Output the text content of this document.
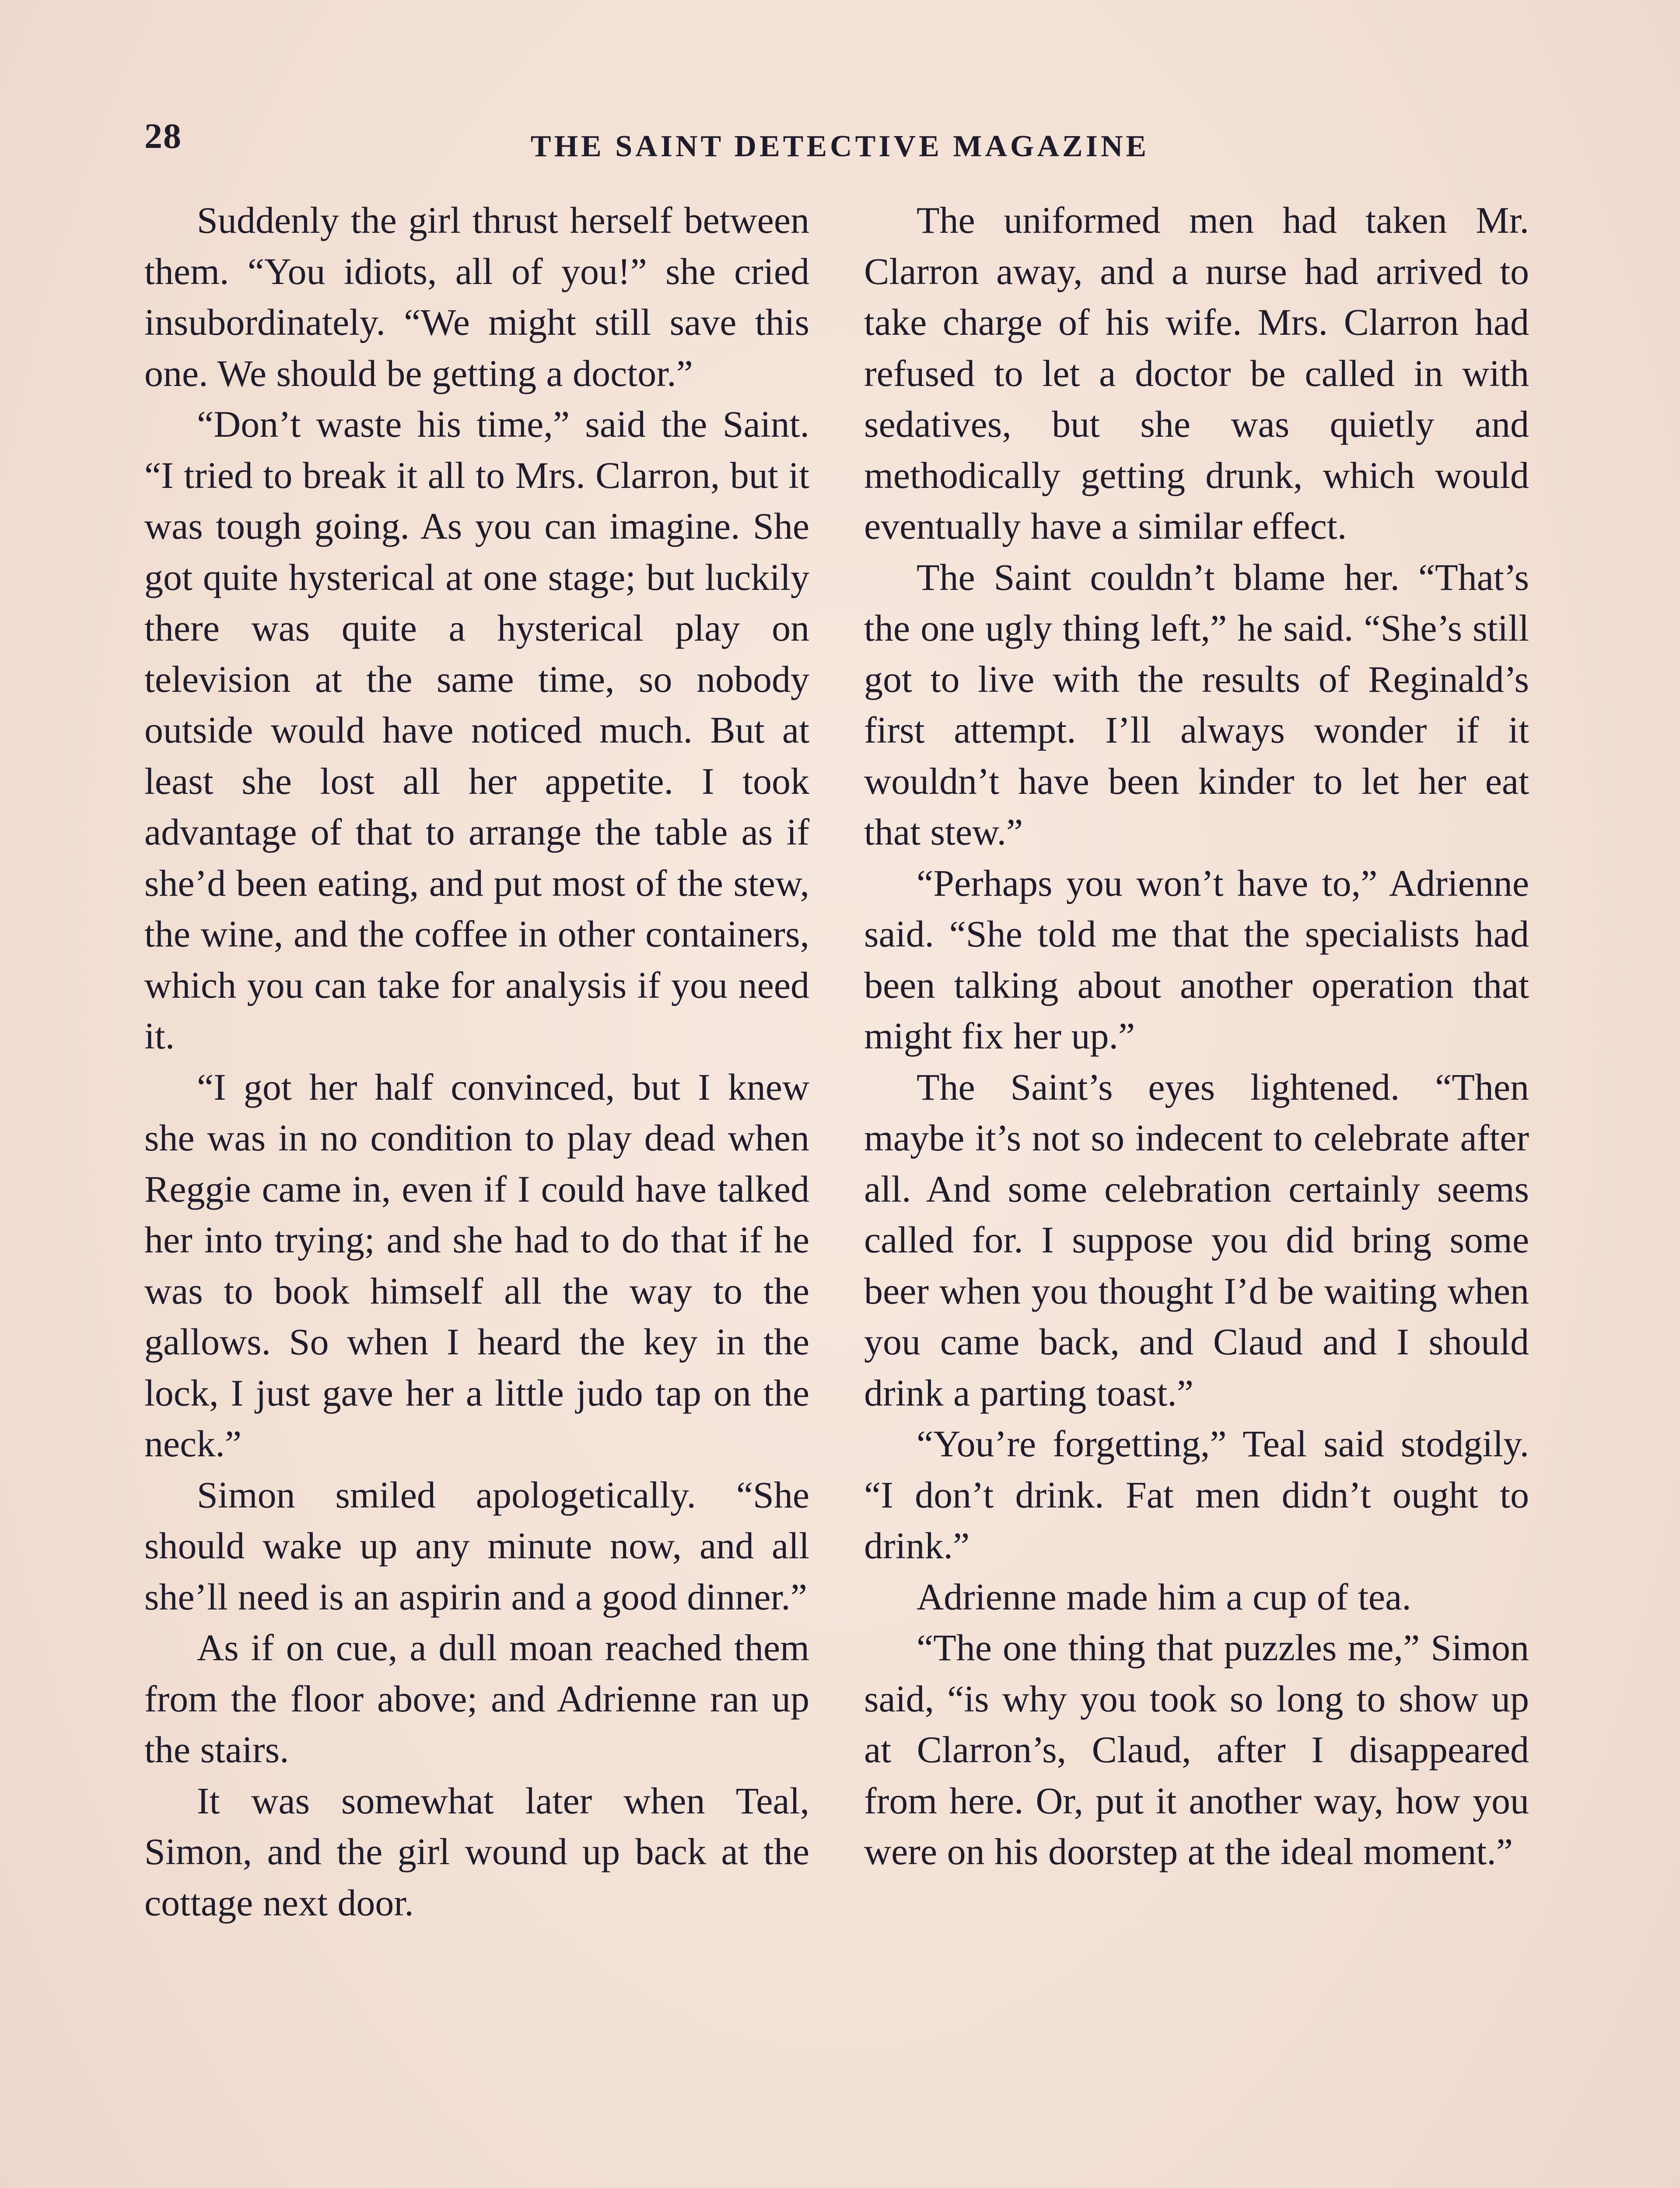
28	THE SAINT DETECTIVE MAGAZINE

Suddenly the girl thrust herself between them. “You idiots, all of you!” she cried insubordinately. “We might still save this one. We should be getting a doctor.”

“Don’t waste his time,” said the Saint. “I tried to break it all to Mrs. Clarron, but it was tough going. As you can imagine. She got quite hysterical at one stage; but luckily there was quite a hysterical play on television at the same time, so nobody outside would have noticed much. But at least she lost all her appetite. I took advantage of that to arrange the table as if she’d been eating, and put most of the stew, the wine, and the coffee in other containers, which you can take for analysis if you need it.

“I got her half convinced, but I knew she was in no condition to play dead when Reggie came in, even if I could have talked her into trying; and she had to do that if he was to book himself all the way to the gallows. So when I heard the key in the lock, I just gave her a little judo tap on the neck.”

Simon smiled apologetically. “She should wake up any minute now, and all she’ll need is an aspirin and a good dinner.”

As if on cue, a dull moan reached them from the floor above; and Adrienne ran up the stairs.

It was somewhat later when Teal, Simon, and the girl wound up back at the cottage next door.

The uniformed men had taken Mr. Clarron away, and a nurse had arrived to take charge of his wife. Mrs. Clarron had refused to let a doctor be called in with sedatives, but she was quietly and methodically getting drunk, which would eventually have a similar effect.

The Saint couldn’t blame her. “That’s the one ugly thing left,” he said. “She’s still got to live with the results of Reginald’s first attempt. I’ll always wonder if it wouldn’t have been kinder to let her eat that stew.”

“Perhaps you won’t have to,” Adrienne said. “She told me that the specialists had been talking about another operation that might fix her up.”

The Saint’s eyes lightened. “Then maybe it’s not so indecent to celebrate after all. And some celebration certainly seems called for. I suppose you did bring some beer when you thought I’d be waiting when you came back, and Claud and I should drink a parting toast.”

“You’re forgetting,” Teal said stodgily. “I don’t drink. Fat men didn’t ought to drink.”

Adrienne made him a cup of tea.

“The one thing that puzzles me,” Simon said, “is why you took so long to show up at Clarron’s, Claud, after I disappeared from here. Or, put it another way, how you were on his doorstep at the ideal moment.”
